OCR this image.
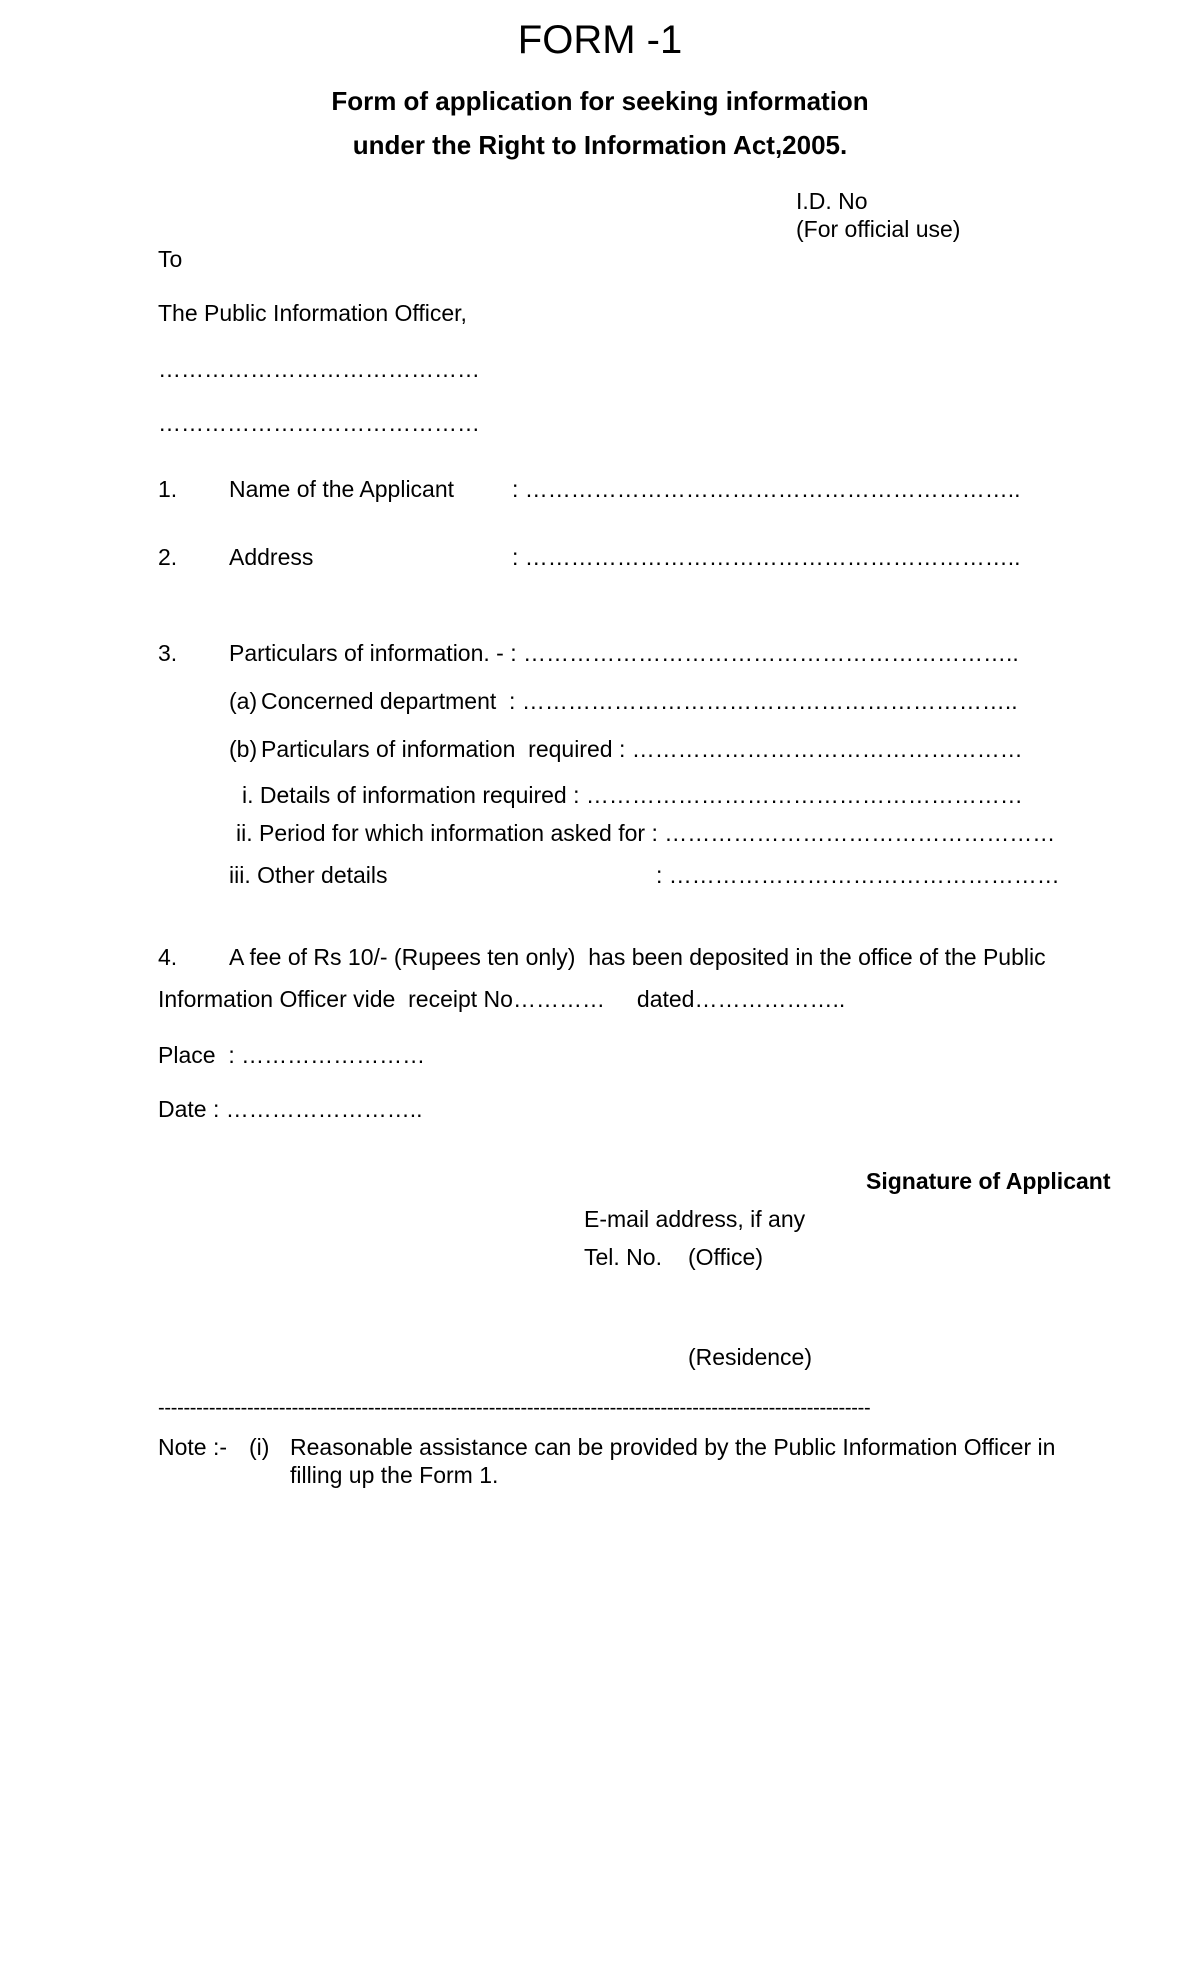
FORM -1
Form of application for seeking information
under the Right to Information Act,2005.
I.D. No
(For official use)
To
The Public Information Officer,
……………………………………
……………………………………
1. Name of the Applicant	: ………………………………………………………..
2. Address	: ………………………………………………………..
3. Particulars of information. - : ………………………………………………………..
(a) Concerned department  : ………………………………………………………..
(b) Particulars of information  required : ……………………………………………
i. Details of information required : …………………………………………………
ii. Period for which information asked for : ……………………………………………
iii. Other details	: ……………………………………………
4. A fee of Rs 10/- (Rupees ten only)  has been deposited in the office of the Public
Information Officer vide  receipt No…………     dated………………..
Place  : ……………………
Date : ……………………..
Signature of Applicant
E-mail address, if any
Tel. No. (Office)
(Residence)
----------------------------------------------------------------------------------------------------------------
Note :- (i) Reasonable assistance can be provided by the Public Information Officer in
filling up the Form 1.
